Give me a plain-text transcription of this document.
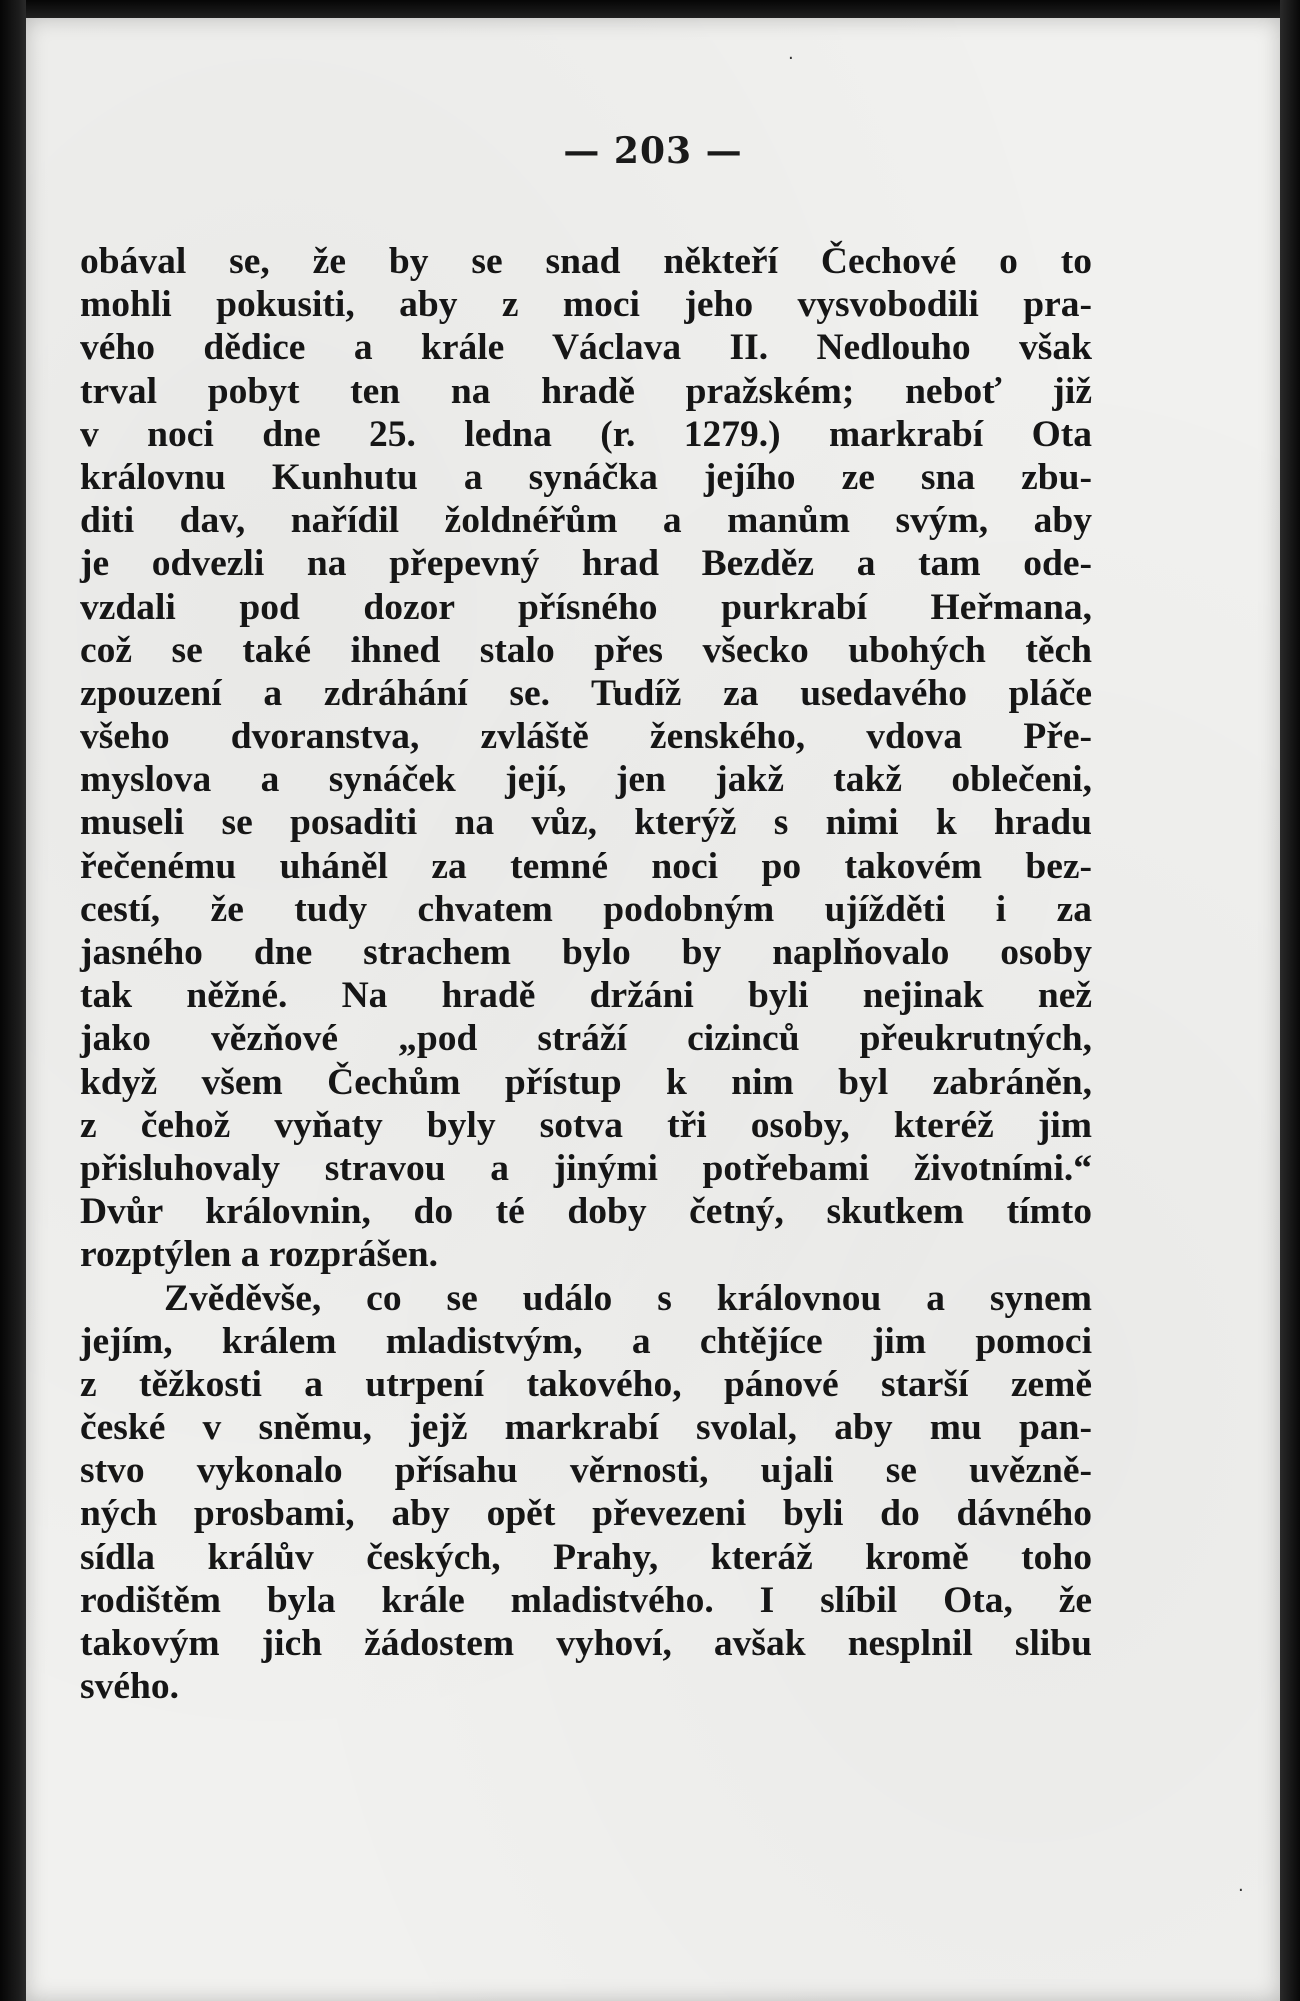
— 203 —
obával se, že by se snad někteří Čechové o to
mohli pokusiti, aby z moci jeho vysvobodili pra-
vého dědice a krále Václava II. Nedlouho však
trval pobyt ten na hradě pražském; neboť již
v noci dne 25. ledna (r. 1279.) markrabí Ota
královnu Kunhutu a synáčka jejího ze sna zbu-
diti dav, nařídil žoldnéřům a manům svým, aby
je odvezli na přepevný hrad Bezděz a tam ode-
vzdali pod dozor přísného purkrabí Heřmana,
což se také ihned stalo přes všecko ubohých těch
zpouzení a zdráhání se. Tudíž za usedavého pláče
všeho dvoranstva, zvláště ženského, vdova Pře-
myslova a synáček její, jen jakž takž oblečeni,
museli se posaditi na vůz, kterýž s nimi k hradu
řečenému uháněl za temné noci po takovém bez-
cestí, že tudy chvatem podobným ujížděti i za
jasného dne strachem bylo by naplňovalo osoby
tak něžné. Na hradě držáni byli nejinak než
jako vězňové „pod stráží cizinců přeukrutných,
když všem Čechům přístup k nim byl zabráněn,
z čehož vyňaty byly sotva tři osoby, kteréž jim
přisluhovaly stravou a jinými potřebami životními.“
Dvůr královnin, do té doby četný, skutkem tímto
rozptýlen a rozprášen.
Zvěděvše, co se událo s královnou a synem
jejím, králem mladistvým, a chtějíce jim pomoci
z těžkosti a utrpení takového, pánové starší země
české v sněmu, jejž markrabí svolal, aby mu pan-
stvo vykonalo přísahu věrnosti, ujali se uvězně-
ných prosbami, aby opět převezeni byli do dávného
sídla králův českých, Prahy, kteráž kromě toho
rodištěm byla krále mladistvého. I slíbil Ota, že
takovým jich žádostem vyhoví, avšak nesplnil slibu
svého.
·
·
